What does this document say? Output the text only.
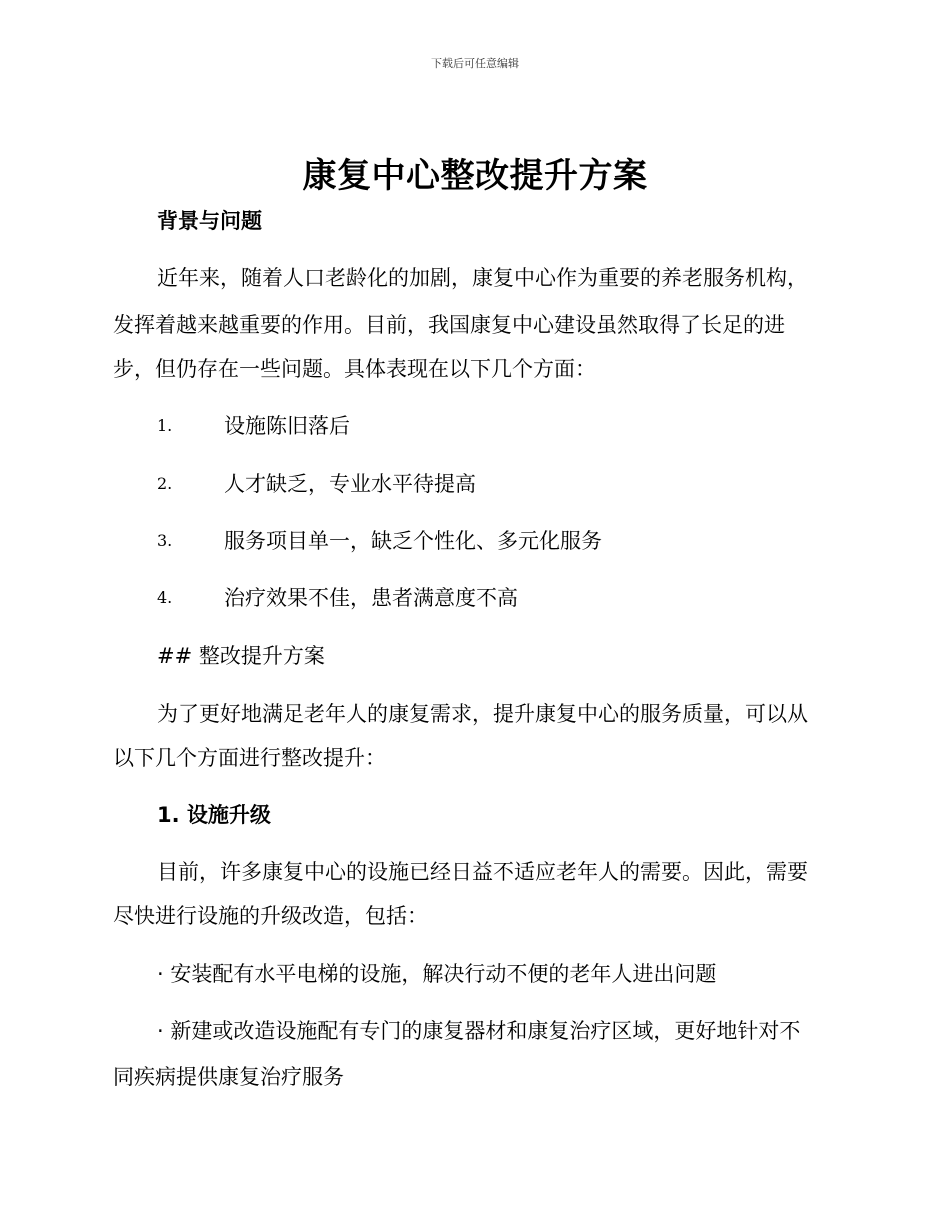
下载后可任意编辑
康复中心整改提升方案
背景与问题
近年来，随着人口老龄化的加剧，康复中心作为重要的养老服务机构，
发挥着越来越重要的作用。目前，我国康复中心建设虽然取得了长足的进
步，但仍存在一些问题。具体表现在以下几个方面：
1. 设施陈旧落后
2. 人才缺乏，专业水平待提高
3. 服务项目单一，缺乏个性化、多元化服务
4. 治疗效果不佳，患者满意度不高
## 整改提升方案
为了更好地满足老年人的康复需求，提升康复中心的服务质量，可以从
以下几个方面进行整改提升：
1. 设施升级
目前，许多康复中心的设施已经日益不适应老年人的需要。因此，需要
尽快进行设施的升级改造，包括：
· 安装配有水平电梯的设施，解决行动不便的老年人进出问题
· 新建或改造设施配有专门的康复器材和康复治疗区域，更好地针对不
同疾病提供康复治疗服务
